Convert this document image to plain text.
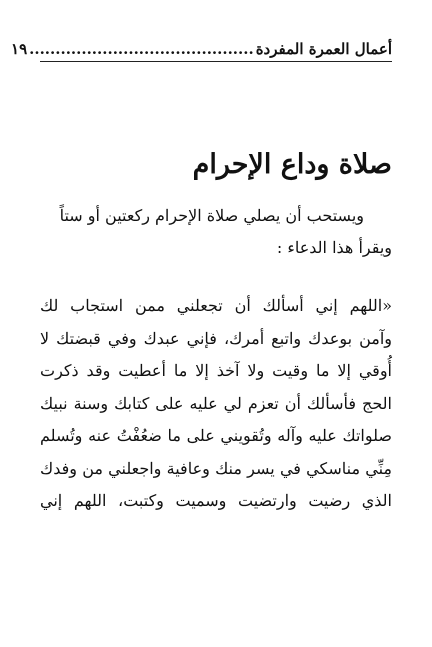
أعمال العمرة المفردة
...........................................
١٩
صلاة وداع الإحرام

ويستحب أن يصلي صلاة الإحرام ركعتين أو ستاً
ويقرأ هذا الدعاء :

«اللهم إني أسألك أن تجعلني ممن استجاب لك
وآمن بوعدك واتبع أمرك، فإني عبدك وفي قبضتك لا
أُوقي إلا ما وقيت ولا آخذ إلا ما أعطيت وقد ذكرت
الحج فأسألك أن تعزم لي عليه على كتابك وسنة نبيك
صلواتك عليه وآله وتُقويني على ما ضعُفْتُ عنه وتُسلم
مِنِّي مناسكي في يسر منك وعافية واجعلني من وفدك
الذي رضيت وارتضيت وسميت وكتبت، اللهم إني
